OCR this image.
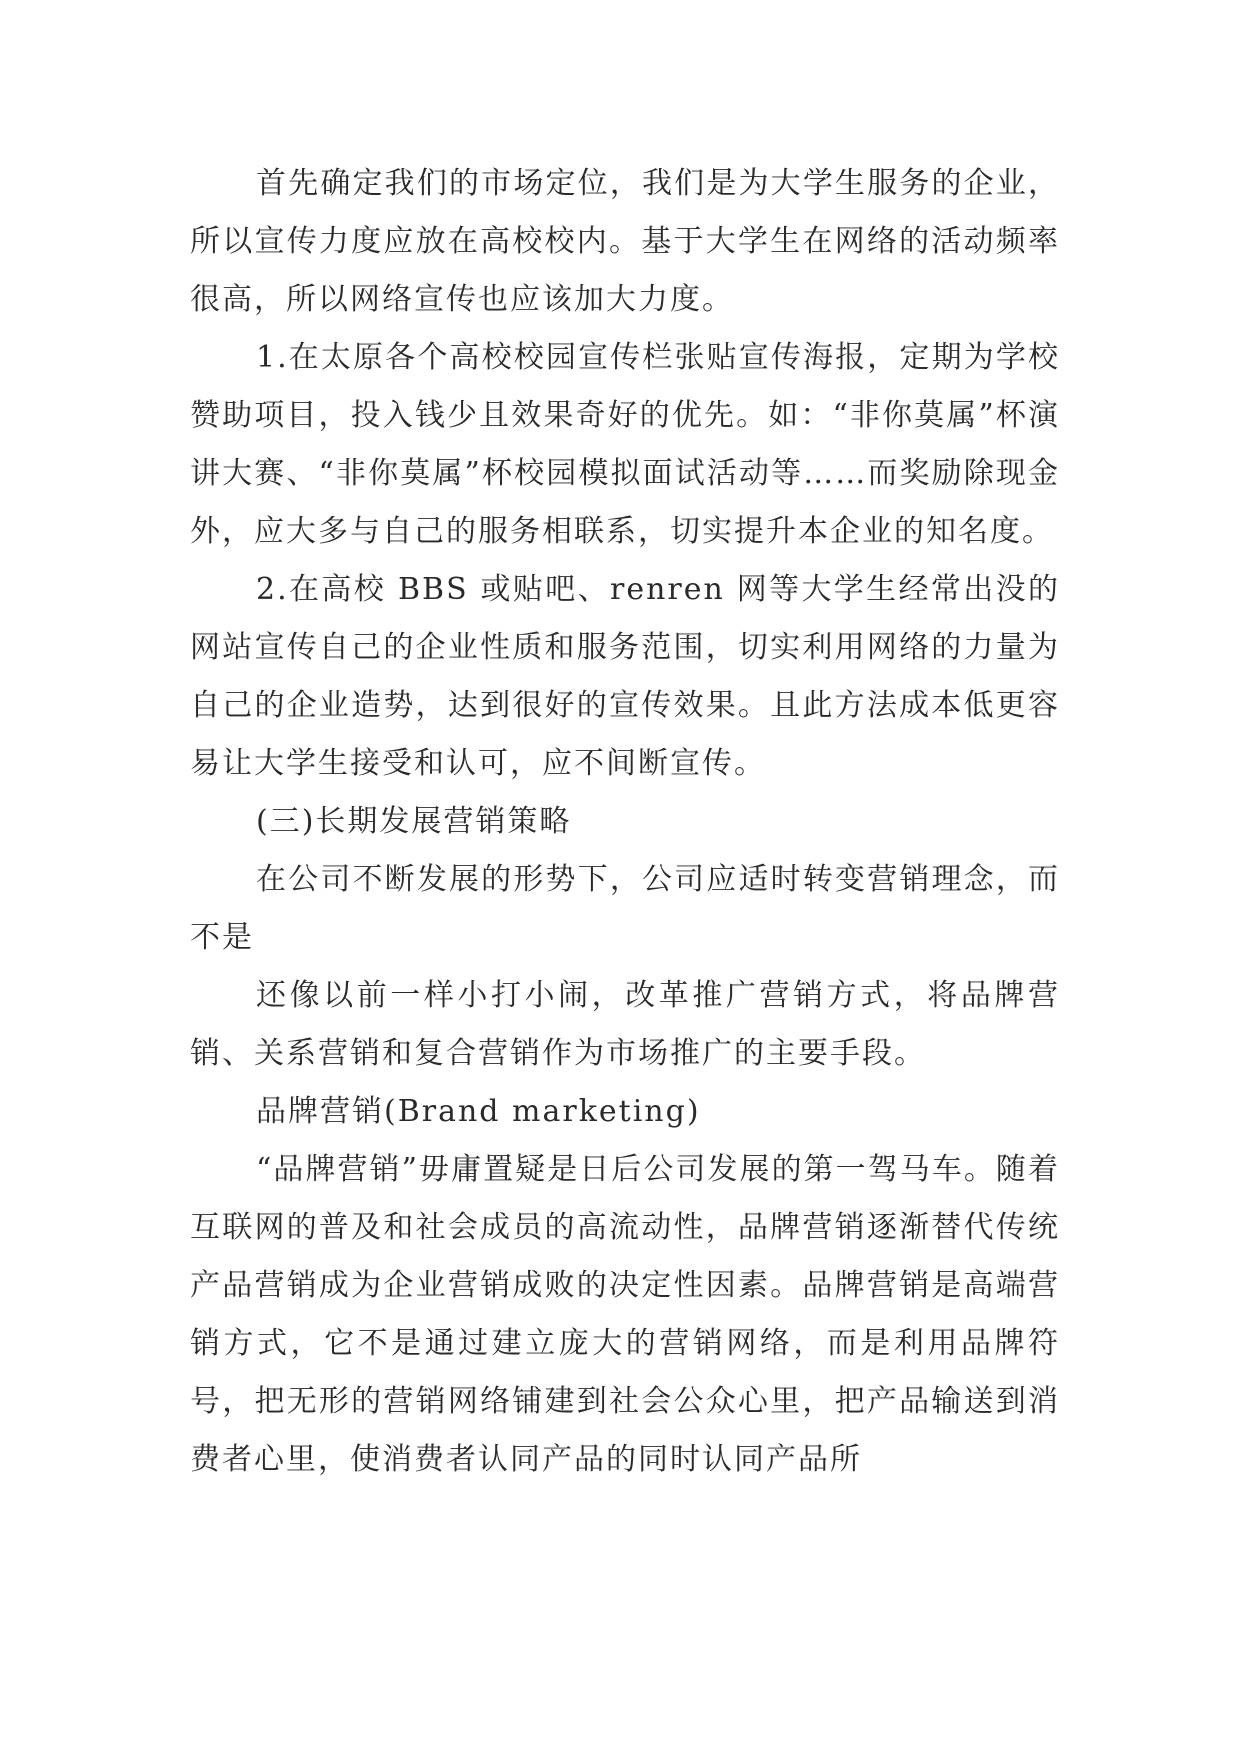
首先确定我们的市场定位，我们是为大学生服务的企业，所以宣传力度应放在高校校内。基于大学生在网络的活动频率很高，所以网络宣传也应该加大力度。

1.在太原各个高校校园宣传栏张贴宣传海报，定期为学校赞助项目，投入钱少且效果奇好的优先。如：“非你莫属”杯演讲大赛、“非你莫属”杯校园模拟面试活动等……而奖励除现金外，应大多与自己的服务相联系，切实提升本企业的知名度。

2.在高校 BBS 或贴吧、renren 网等大学生经常出没的网站宣传自己的企业性质和服务范围，切实利用网络的力量为自己的企业造势，达到很好的宣传效果。且此方法成本低更容易让大学生接受和认可，应不间断宣传。

(三)长期发展营销策略

在公司不断发展的形势下，公司应适时转变营销理念，而不是

还像以前一样小打小闹，改革推广营销方式，将品牌营销、关系营销和复合营销作为市场推广的主要手段。

品牌营销(Brand marketing)

“品牌营销”毋庸置疑是日后公司发展的第一驾马车。随着互联网的普及和社会成员的高流动性，品牌营销逐渐替代传统产品营销成为企业营销成败的决定性因素。品牌营销是高端营销方式，它不是通过建立庞大的营销网络，而是利用品牌符号，把无形的营销网络铺建到社会公众心里，把产品输送到消费者心里，使消费者认同产品的同时认同产品所
